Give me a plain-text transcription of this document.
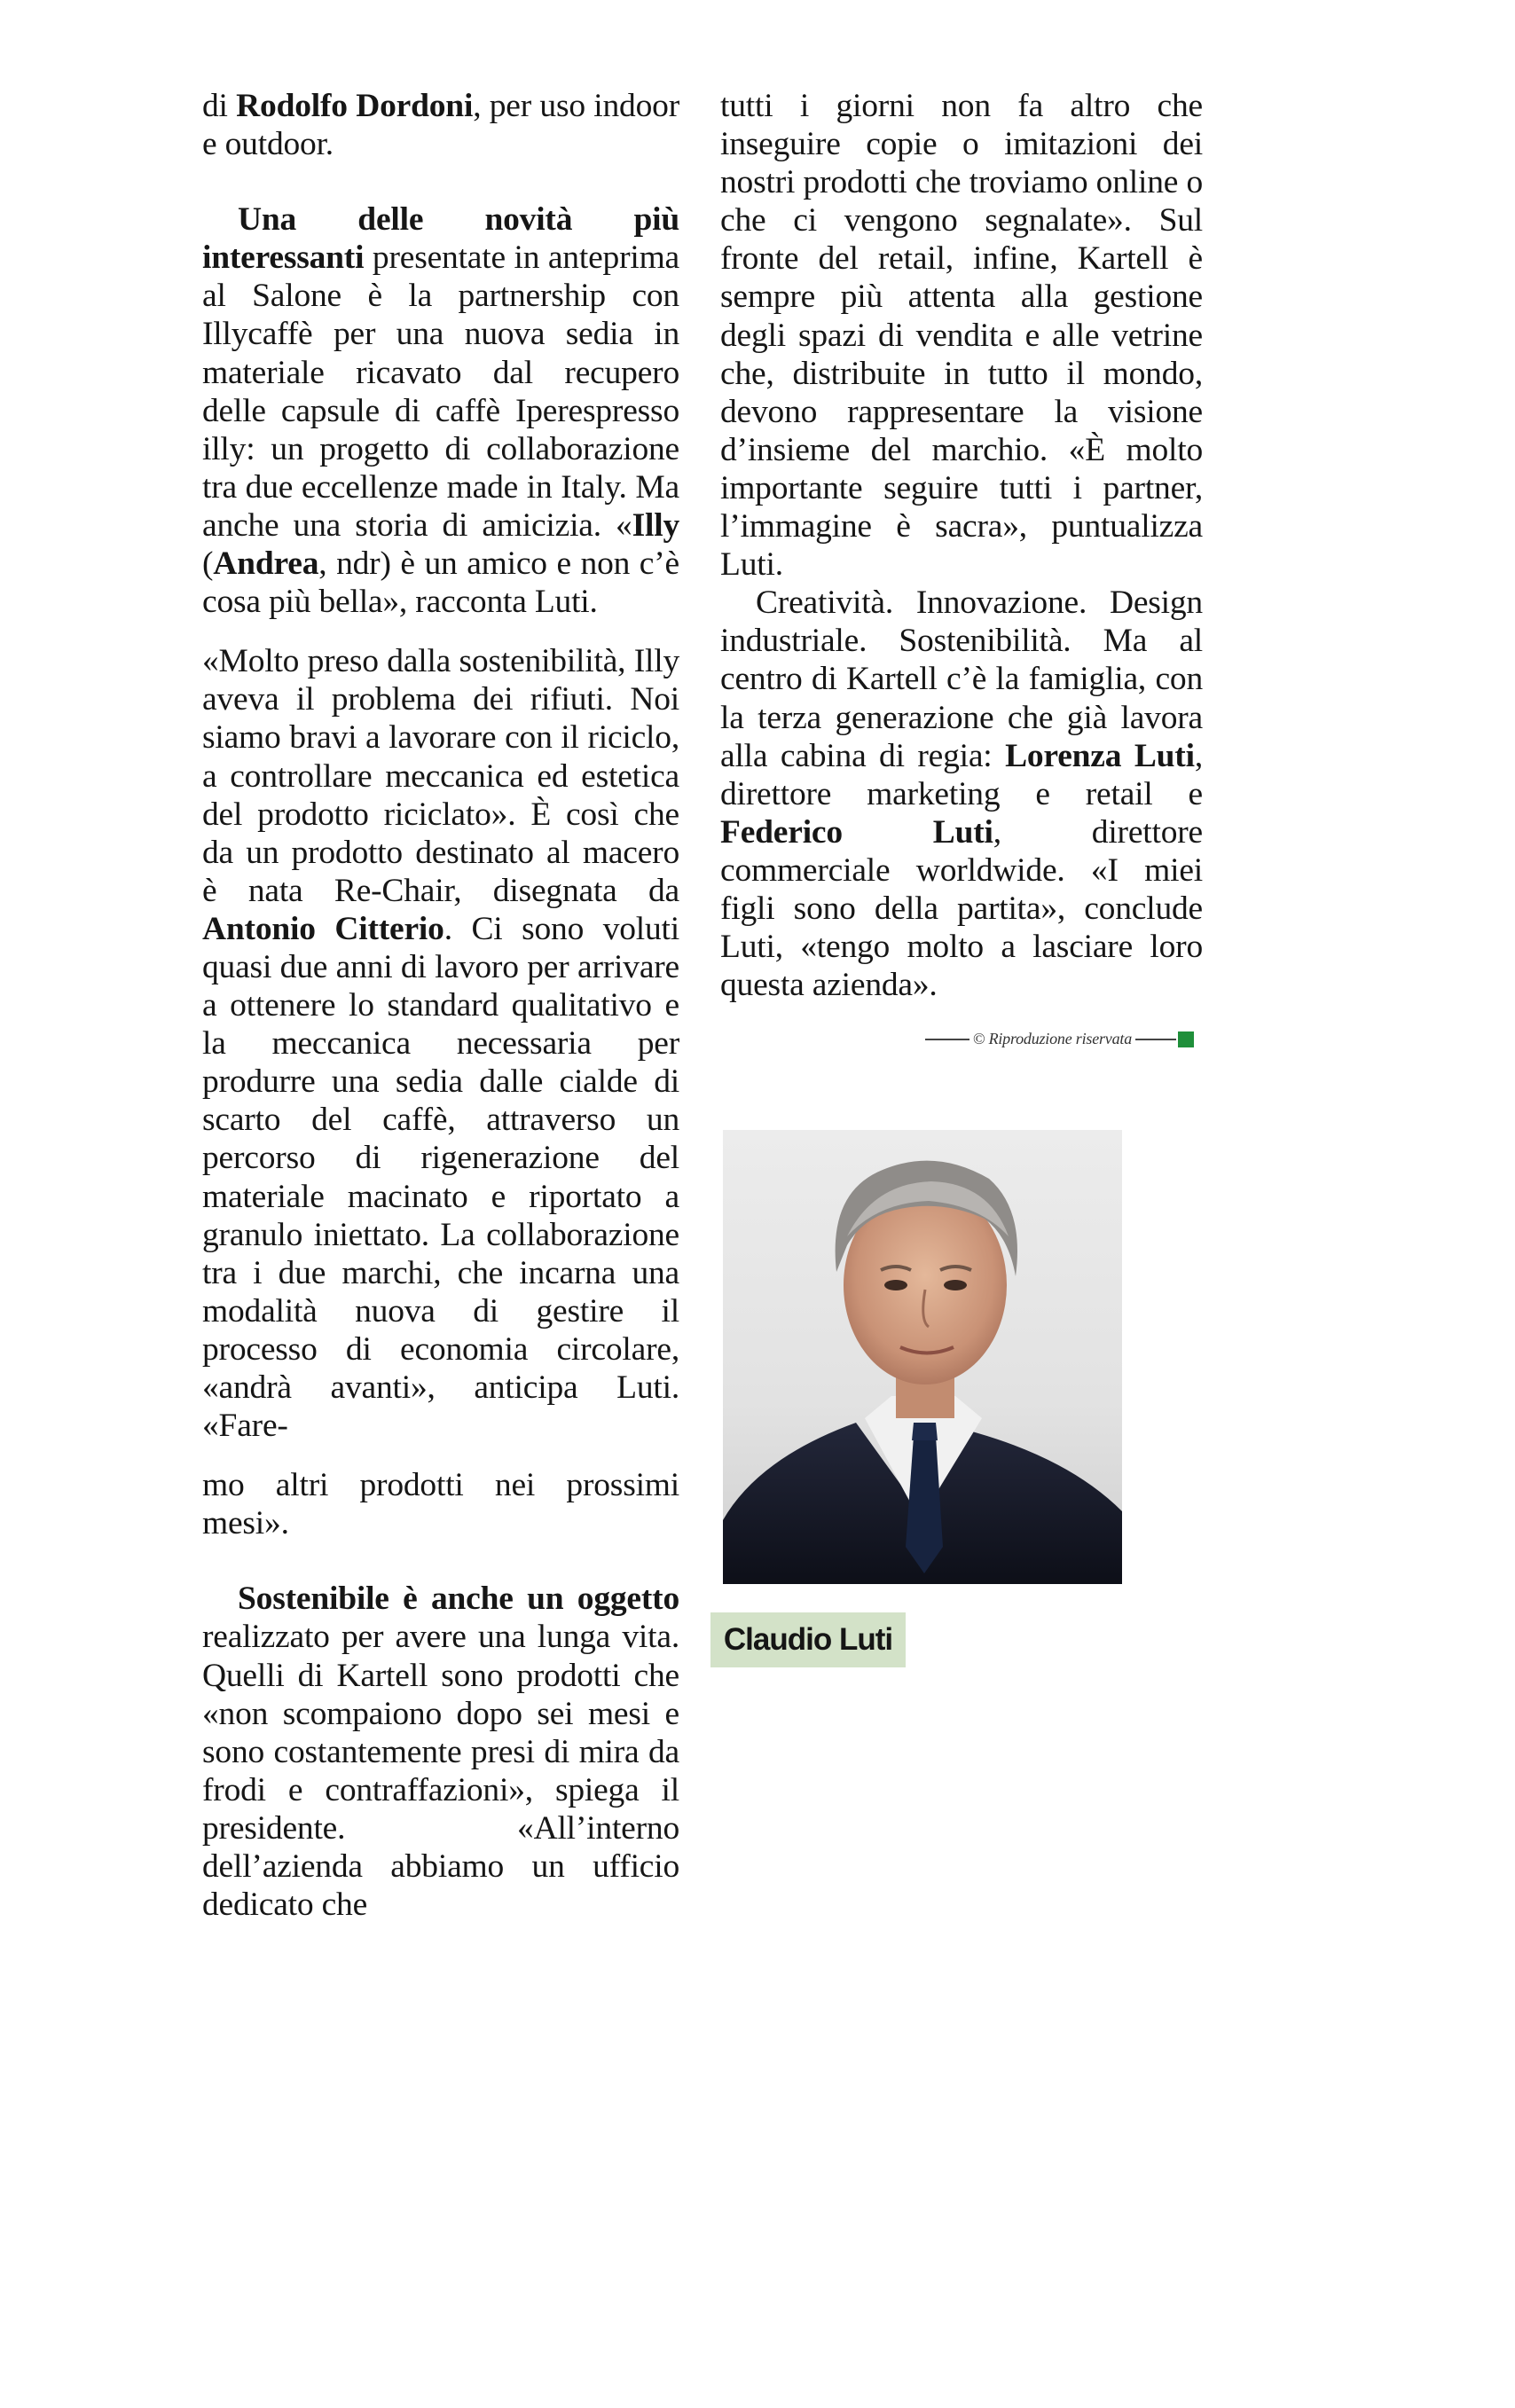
di Rodolfo Dordoni, per uso indoor e outdoor.

Una delle novità più interessanti presentate in anteprima al Salone è la partnership con Illycaffè per una nuova sedia in materiale ricavato dal recupero delle capsule di caffè Iperespresso illy: un progetto di collaborazione tra due eccellenze made in Italy. Ma anche una storia di amicizia. «Illy (Andrea, ndr) è un amico e non c’è cosa più bella», racconta Luti.

«Molto preso dalla sostenibilità, Illy aveva il problema dei rifiuti. Noi siamo bravi a lavorare con il riciclo, a controllare meccanica ed estetica del prodotto riciclato». È così che da un prodotto destinato al macero è nata Re-Chair, disegnata da Antonio Citterio. Ci sono voluti quasi due anni di lavoro per arrivare a ottenere lo standard qualitativo e la meccanica necessaria per produrre una sedia dalle cialde di scarto del caffè, attraverso un percorso di rigenerazione del materiale macinato e riportato a granulo iniettato. La collaborazione tra i due marchi, che incarna una modalità nuova di gestire il processo di economia circolare, «andrà avanti», anticipa Luti. «Fare-

mo altri prodotti nei prossimi mesi».

Sostenibile è anche un oggetto realizzato per avere una lunga vita. Quelli di Kartell sono prodotti che «non scompaiono dopo sei mesi e sono costantemente presi di mira da frodi e contraffazioni», spiega il presidente. «All’interno dell’azienda abbiamo un ufficio dedicato che

tutti i giorni non fa altro che inseguire copie o imitazioni dei nostri prodotti che troviamo online o che ci vengono segnalate». Sul fronte del retail, infine, Kartell è sempre più attenta alla gestione degli spazi di vendita e alle vetrine che, distribuite in tutto il mondo, devono rappresentare la visione d’insieme del marchio. «È molto importante seguire tutti i partner, l’immagine è sacra», puntualizza Luti.

Creatività. Innovazione. Design industriale. Sostenibilità. Ma al centro di Kartell c’è la famiglia, con la terza generazione che già lavora alla cabina di regia: Lorenza Luti, direttore marketing e retail e Federico Luti, direttore commerciale worldwide. «I miei figli sono della partita», conclude Luti, «tengo molto a lasciare loro questa azienda».

© Riproduzione riservata
Claudio Luti
